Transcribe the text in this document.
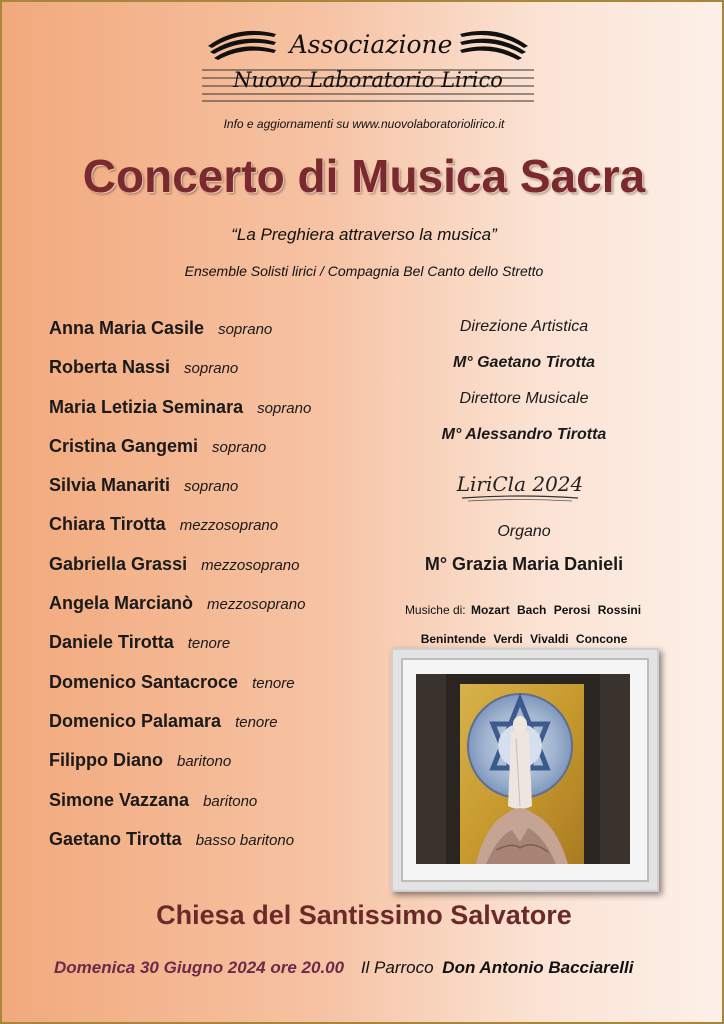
Associazione
Nuovo Laboratorio Lirico
Info e aggiornamenti su www.nuovolaboratoriolirico.it
Concerto di Musica Sacra
“La Preghiera attraverso la musica”
Ensemble Solisti lirici / Compagnia Bel Canto dello Stretto
Anna Maria Casile soprano
Roberta Nassi soprano
Maria Letizia Seminara soprano
Cristina Gangemi soprano
Silvia Manariti soprano
Chiara Tirotta mezzosoprano
Gabriella Grassi mezzosoprano
Angela Marcianò mezzosoprano
Daniele Tirotta tenore
Domenico Santacroce tenore
Domenico Palamara tenore
Filippo Diano baritono
Simone Vazzana baritono
Gaetano Tirotta basso baritono
Direzione Artistica
M° Gaetano Tirotta
Direttore Musicale
M° Alessandro Tirotta
Organo
M° Grazia Maria Danieli
LiriCla 2024
Musiche di: Mozart Bach Perosi Rossini
Benintende Verdi Vivaldi Concone
Chiesa del Santissimo Salvatore
Domenica 30 Giugno 2024 ore 20.00 Il Parroco Don Antonio Bacciarelli
